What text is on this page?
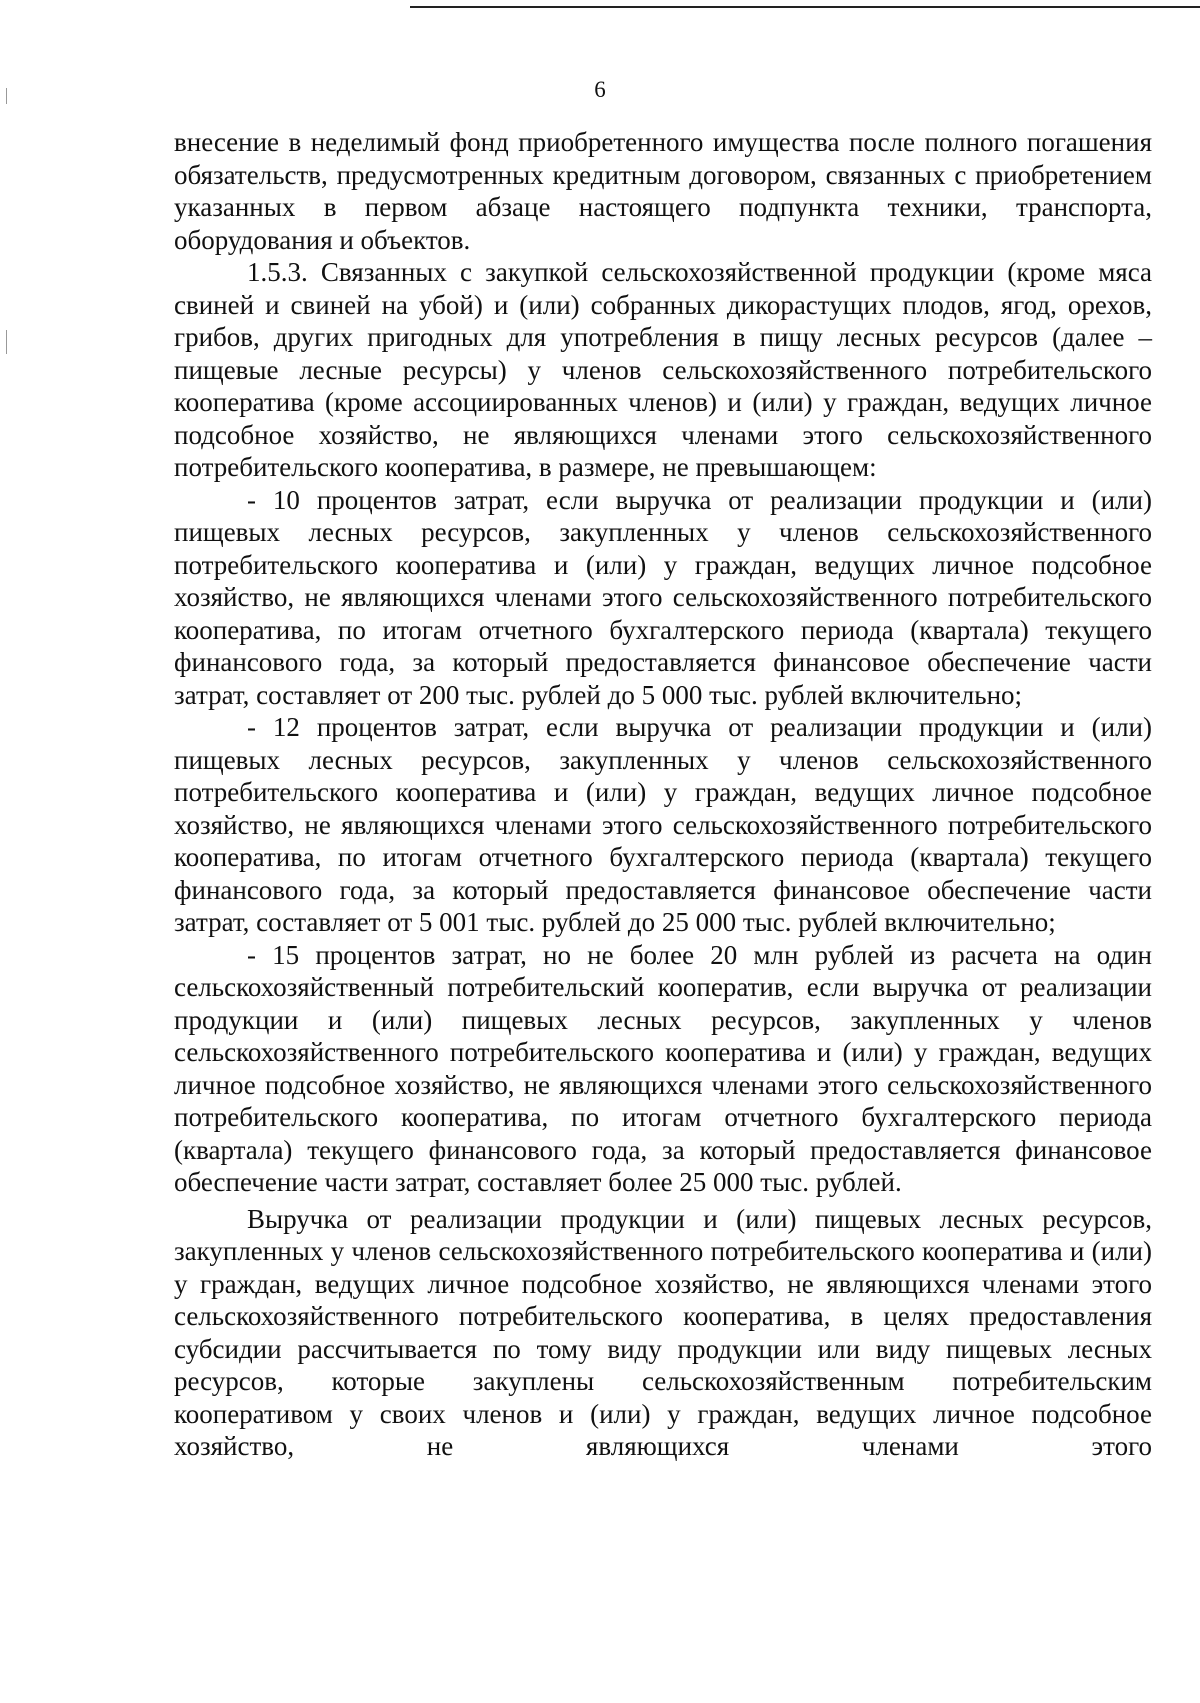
6

внесение в неделимый фонд приобретенного имущества после полного погашения обязательств, предусмотренных кредитным договором, связанных с приобретением указанных в первом абзаце настоящего подпункта техники, транспорта, оборудования и объектов.

1.5.3. Связанных с закупкой сельскохозяйственной продукции (кроме мяса свиней и свиней на убой) и (или) собранных дикорастущих плодов, ягод, орехов, грибов, других пригодных для употребления в пищу лесных ресурсов (далее – пищевые лесные ресурсы) у членов сельскохозяйственного потребительского кооператива (кроме ассоциированных членов) и (или) у граждан, ведущих личное подсобное хозяйство, не являющихся членами этого сельскохозяйственного потребительского кооператива, в размере, не превышающем:

- 10 процентов затрат, если выручка от реализации продукции и (или) пищевых лесных ресурсов, закупленных у членов сельскохозяйственного потребительского кооператива и (или) у граждан, ведущих личное подсобное хозяйство, не являющихся членами этого сельскохозяйственного потребительского кооператива, по итогам отчетного бухгалтерского периода (квартала) текущего финансового года, за который предоставляется финансовое обеспечение части затрат, составляет от 200 тыс. рублей до 5 000 тыс. рублей включительно;

- 12 процентов затрат, если выручка от реализации продукции и (или) пищевых лесных ресурсов, закупленных у членов сельскохозяйственного потребительского кооператива и (или) у граждан, ведущих личное подсобное хозяйство, не являющихся членами этого сельскохозяйственного потребительского кооператива, по итогам отчетного бухгалтерского периода (квартала) текущего финансового года, за который предоставляется финансовое обеспечение части затрат, составляет от 5 001 тыс. рублей до 25 000 тыс. рублей включительно;

- 15 процентов затрат, но не более 20 млн рублей из расчета на один сельскохозяйственный потребительский кооператив, если выручка от реализации продукции и (или) пищевых лесных ресурсов, закупленных у членов сельскохозяйственного потребительского кооператива и (или) у граждан, ведущих личное подсобное хозяйство, не являющихся членами этого сельскохозяйственного потребительского кооператива, по итогам отчетного бухгалтерского периода (квартала) текущего финансового года, за который предоставляется финансовое обеспечение части затрат, составляет более 25 000 тыс. рублей.

Выручка от реализации продукции и (или) пищевых лесных ресурсов, закупленных у членов сельскохозяйственного потребительского кооператива и (или) у граждан, ведущих личное подсобное хозяйство, не являющихся членами этого сельскохозяйственного потребительского кооператива, в целях предоставления субсидии рассчитывается по тому виду продукции или виду пищевых лесных ресурсов, которые закуплены сельскохозяйственным потребительским кооперативом у своих членов и (или) у граждан, ведущих личное подсобное хозяйство, не являющихся членами этого
